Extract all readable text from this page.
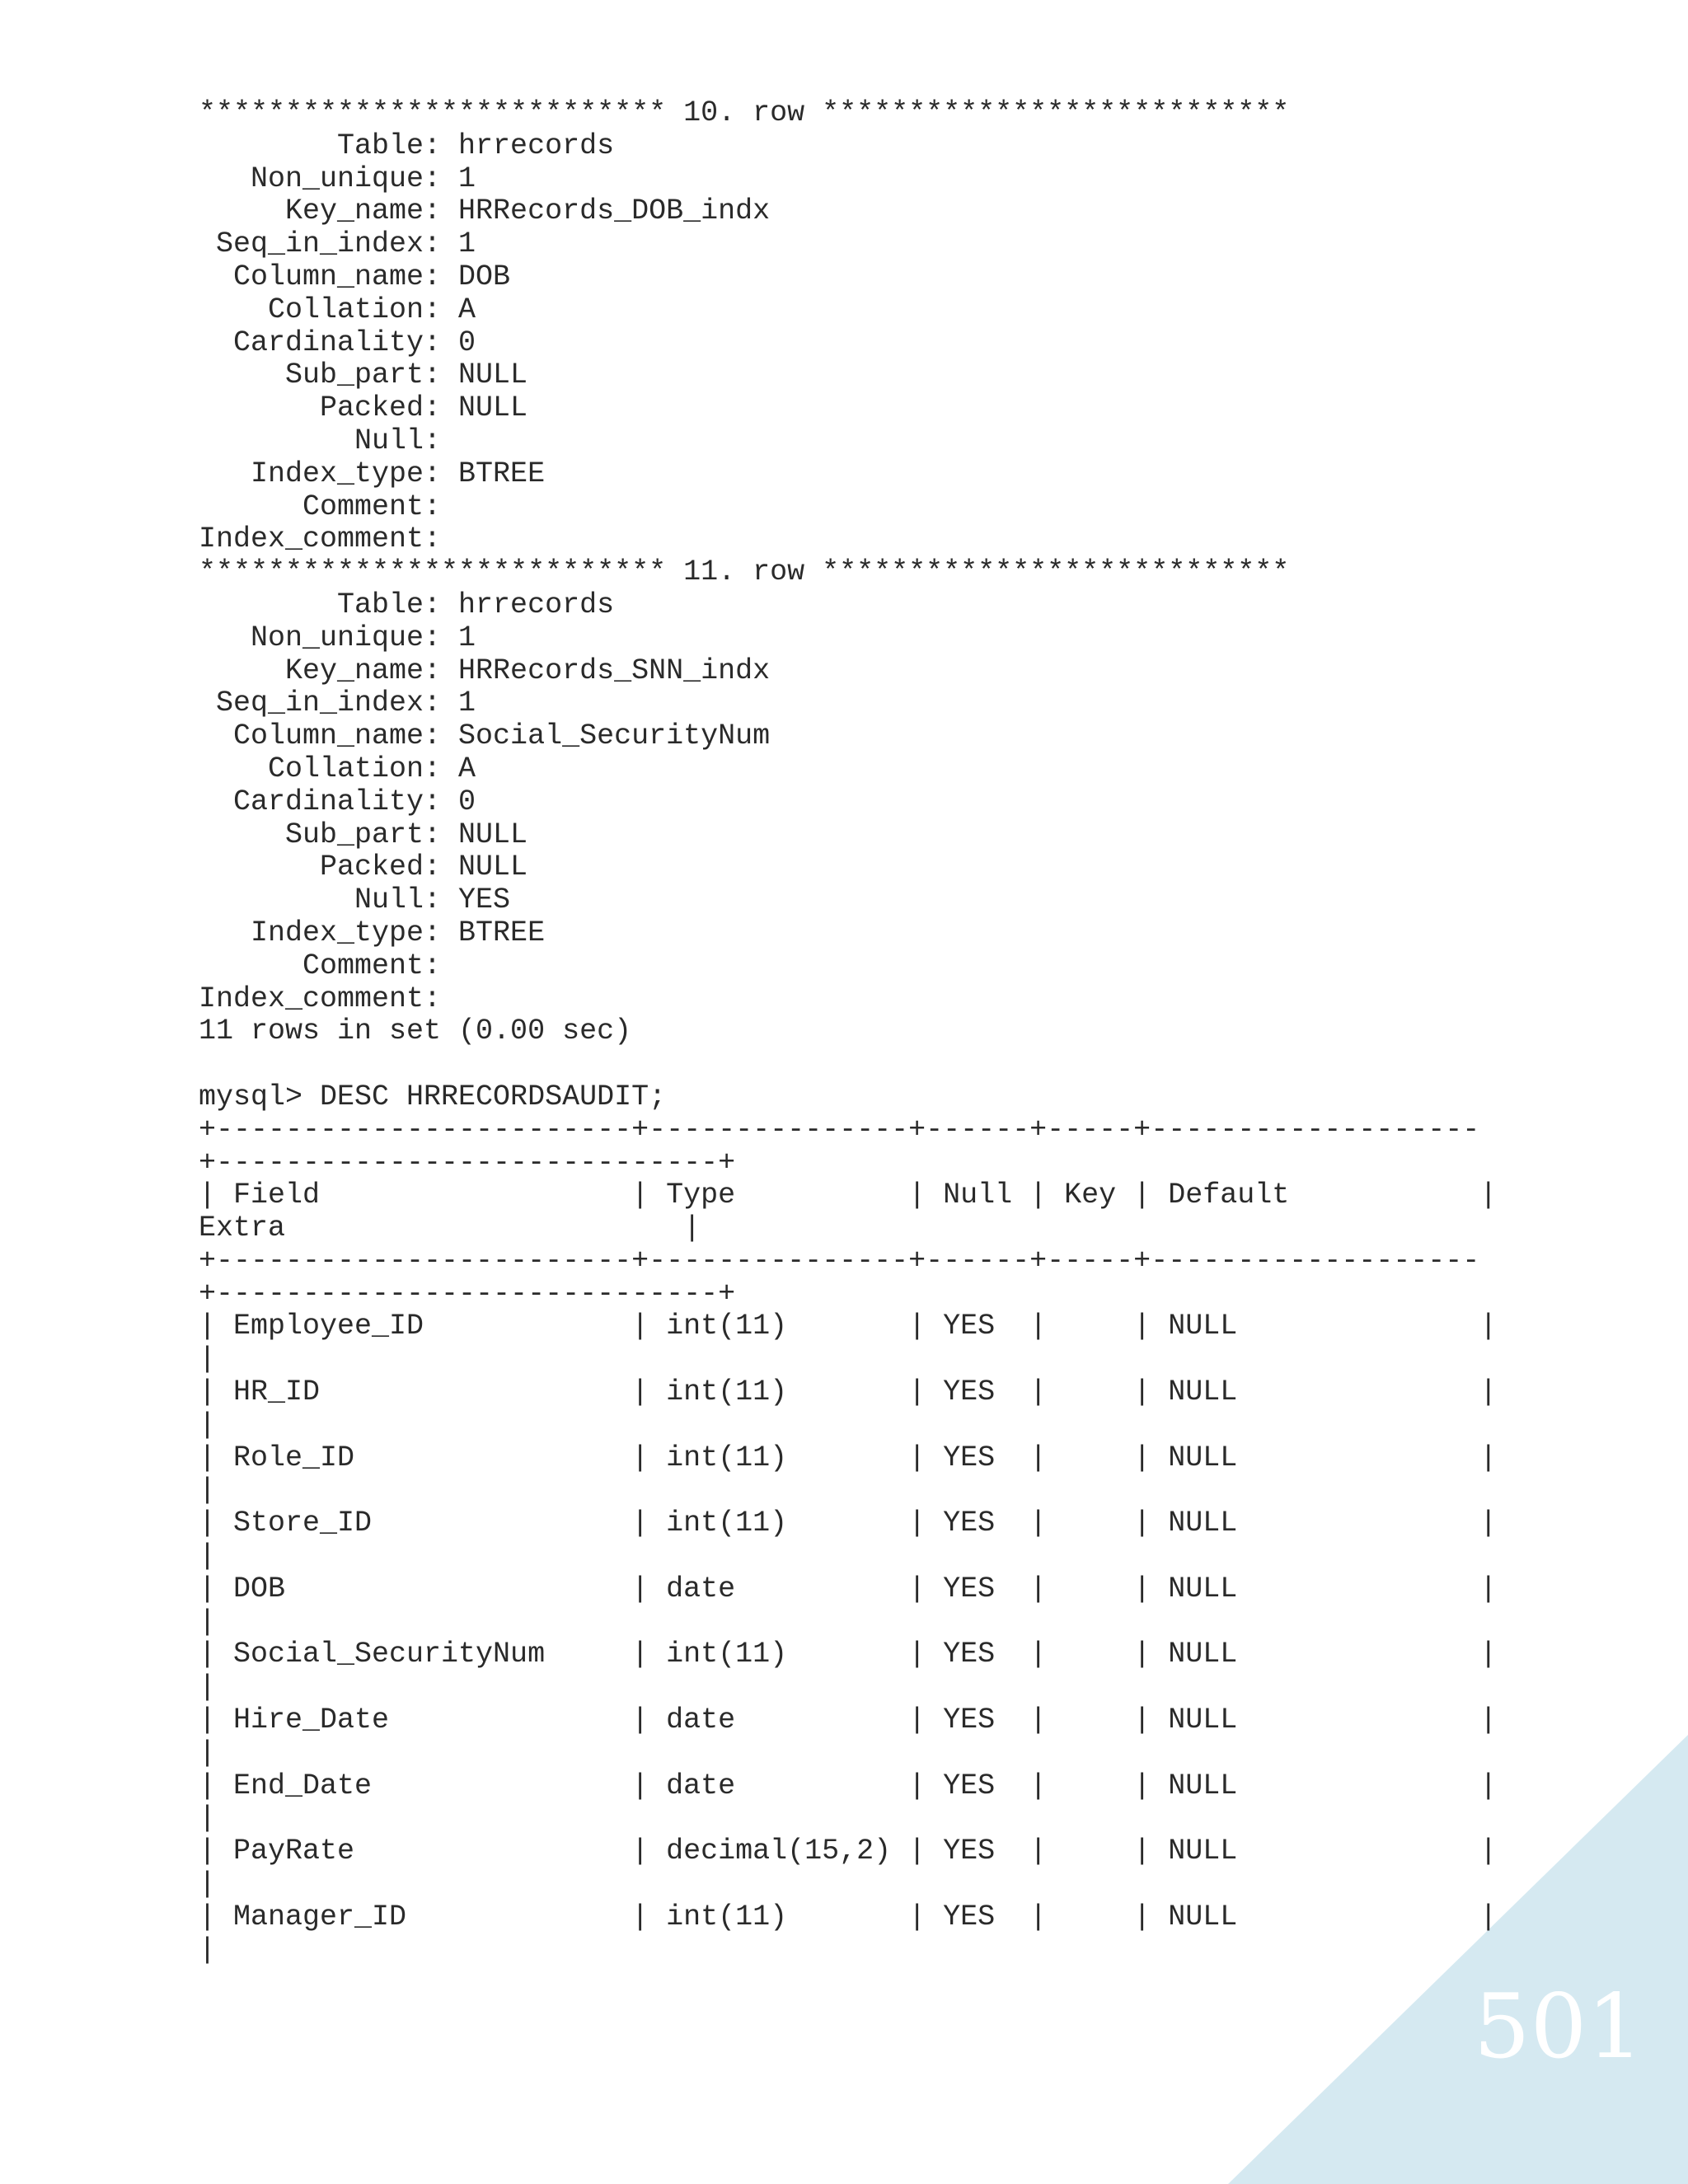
*************************** 10. row ***************************
Table: hrrecords
Non_unique: 1
Key_name: HRRecords_DOB_indx
Seq_in_index: 1
Column_name: DOB
Collation: A
Cardinality: 0
Sub_part: NULL
Packed: NULL
Null:
Index_type: BTREE
Comment:
Index_comment:
*************************** 11. row ***************************
Table: hrrecords
Non_unique: 1
Key_name: HRRecords_SNN_indx
Seq_in_index: 1
Column_name: Social_SecurityNum
Collation: A
Cardinality: 0
Sub_part: NULL
Packed: NULL
Null: YES
Index_type: BTREE
Comment:
Index_comment:
11 rows in set (0.00 sec)
mysql> DESC HRRECORDSAUDIT;
+------------------------+---------------+------+-----+-------------------
+-----------------------------+
| Field                  | Type          | Null | Key | Default           |
Extra                       |
+------------------------+---------------+------+-----+-------------------
+-----------------------------+
| Employee_ID            | int(11)       | YES  |     | NULL              |
|
| HR_ID                  | int(11)       | YES  |     | NULL              |
|
| Role_ID                | int(11)       | YES  |     | NULL              |
|
| Store_ID               | int(11)       | YES  |     | NULL              |
|
| DOB                    | date          | YES  |     | NULL              |
|
| Social_SecurityNum     | int(11)       | YES  |     | NULL              |
|
| Hire_Date              | date          | YES  |     | NULL              |
|
| End_Date               | date          | YES  |     | NULL              |
|
| PayRate                | decimal(15,2) | YES  |     | NULL              |
|
| Manager_ID             | int(11)       | YES  |     | NULL              |
|
501
